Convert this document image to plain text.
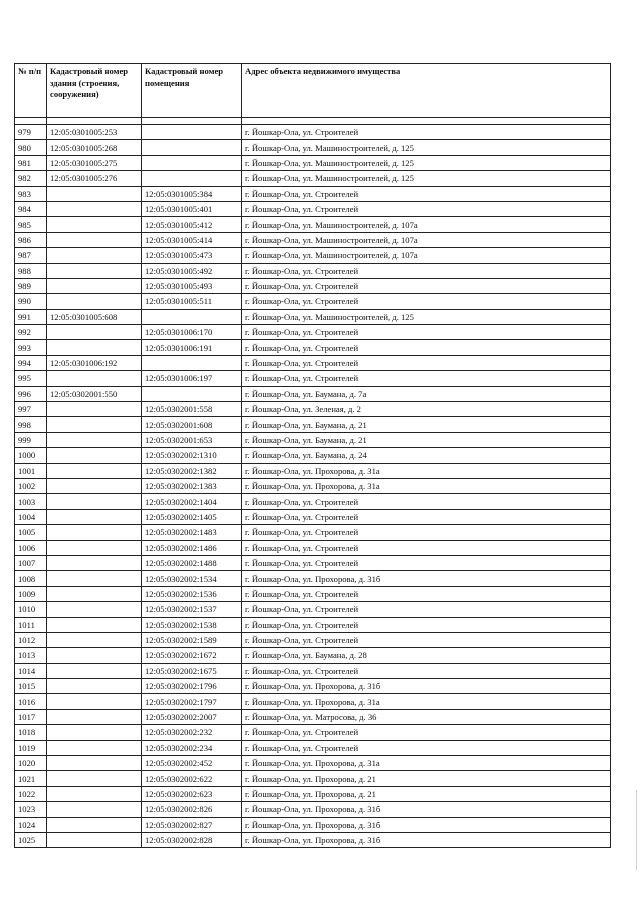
№ п/п	Кадастровый номер здания (строения, сооружения)	Кадастровый номер помещения	Адрес объекта недвижимого имущества

979	12:05:0301005:253		г. Йошкар-Ола, ул. Строителей
980	12:05:0301005:268		г. Йошкар-Ола, ул. Машиностроителей, д. 125
981	12:05:0301005:275		г. Йошкар-Ола, ул. Машиностроителей, д. 125
982	12:05:0301005:276		г. Йошкар-Ола, ул. Машиностроителей, д. 125
983		12:05:0301005:384	г. Йошкар-Ола, ул. Строителей
984		12:05:0301005:401	г. Йошкар-Ола, ул. Строителей
985		12:05:0301005:412	г. Йошкар-Ола, ул. Машиностроителей, д. 107а
986		12:05:0301005:414	г. Йошкар-Ола, ул. Машиностроителей, д. 107а
987		12:05:0301005:473	г. Йошкар-Ола, ул. Машиностроителей, д. 107а
988		12:05:0301005:492	г. Йошкар-Ола, ул. Строителей
989		12:05:0301005:493	г. Йошкар-Ола, ул. Строителей
990		12:05:0301005:511	г. Йошкар-Ола, ул. Строителей
991	12:05:0301005:608		г. Йошкар-Ола, ул. Машиностроителей, д. 125
992		12:05:0301006:170	г. Йошкар-Ола, ул. Строителей
993		12:05:0301006:191	г. Йошкар-Ола, ул. Строителей
994	12:05:0301006:192		г. Йошкар-Ола, ул. Строителей
995		12:05:0301006:197	г. Йошкар-Ола, ул. Строителей
996	12:05:0302001:550		г. Йошкар-Ола, ул. Баумана, д. 7а
997		12:05:0302001:558	г. Йошкар-Ола, ул. Зеленая, д. 2
998		12:05:0302001:608	г. Йошкар-Ола, ул. Баумана, д. 21
999		12:05:0302001:653	г. Йошкар-Ола, ул. Баумана, д. 21
1000		12:05:0302002:1310	г. Йошкар-Ола, ул. Баумана, д. 24
1001		12:05:0302002:1382	г. Йошкар-Ола, ул. Прохорова, д. 31а
1002		12:05:0302002:1383	г. Йошкар-Ола, ул. Прохорова, д. 31а
1003		12:05:0302002:1404	г. Йошкар-Ола, ул. Строителей
1004		12:05:0302002:1405	г. Йошкар-Ола, ул. Строителей
1005		12:05:0302002:1483	г. Йошкар-Ола, ул. Строителей
1006		12:05:0302002:1486	г. Йошкар-Ола, ул. Строителей
1007		12:05:0302002:1488	г. Йошкар-Ола, ул. Строителей
1008		12:05:0302002:1534	г. Йошкар-Ола, ул. Прохорова, д. 31б
1009		12:05:0302002:1536	г. Йошкар-Ола, ул. Строителей
1010		12:05:0302002:1537	г. Йошкар-Ола, ул. Строителей
1011		12:05:0302002:1538	г. Йошкар-Ола, ул. Строителей
1012		12:05:0302002:1589	г. Йошкар-Ола, ул. Строителей
1013		12:05:0302002:1672	г. Йошкар-Ола, ул. Баумана, д. 28
1014		12:05:0302002:1675	г. Йошкар-Ола, ул. Строителей
1015		12:05:0302002:1796	г. Йошкар-Ола, ул. Прохорова, д. 31б
1016		12:05:0302002:1797	г. Йошкар-Ола, ул. Прохорова, д. 31а
1017		12:05:0302002:2007	г. Йошкар-Ола, ул. Матросова, д. 36
1018		12:05:0302002:232	г. Йошкар-Ола, ул. Строителей
1019		12:05:0302002:234	г. Йошкар-Ола, ул. Строителей
1020		12:05:0302002:452	г. Йошкар-Ола, ул. Прохорова, д. 31а
1021		12:05:0302002:622	г. Йошкар-Ола, ул. Прохорова, д. 21
1022		12:05:0302002:623	г. Йошкар-Ола, ул. Прохорова, д. 21
1023		12:05:0302002:826	г. Йошкар-Ола, ул. Прохорова, д. 31б
1024		12:05:0302002:827	г. Йошкар-Ола, ул. Прохорова, д. 31б
1025		12:05:0302002:828	г. Йошкар-Ола, ул. Прохорова, д. 31б
